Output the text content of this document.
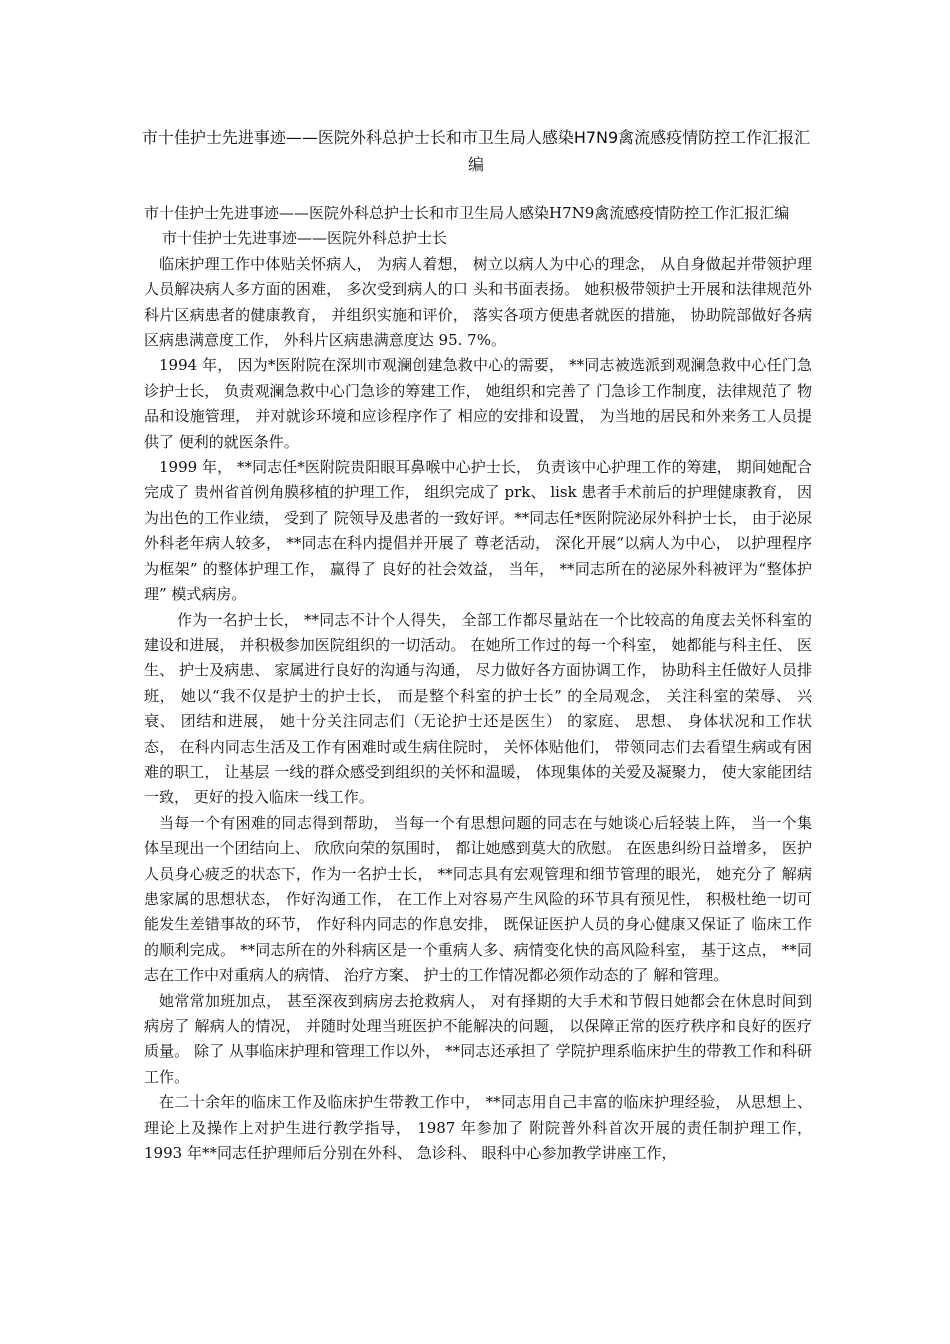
市十佳护士先进事迹——医院外科总护士长和市卫生局人感染H7N9禽流感疫情防控工作汇报汇编

市十佳护士先进事迹——医院外科总护士长和市卫生局人感染H7N9禽流感疫情防控工作汇报汇编

市十佳护士先进事迹——医院外科总护士长

临床护理工作中体贴关怀病人， 为病人着想， 树立以病人为中心的理念， 从自身做起并带领护理人员解决病人多方面的困难， 多次受到病人的口 头和书面表扬。 她积极带领护士开展和法律规范外科片区病患者的健康教育， 并组织实施和评价， 落实各项方便患者就医的措施， 协助院部做好各病区病患满意度工作， 外科片区病患满意度达 95. 7%。

1994 年， 因为*医附院在深圳市观澜创建急救中心的需要， **同志被选派到观澜急救中心任门急诊护士长， 负责观澜急救中心门急诊的筹建工作， 她组织和完善了 门急诊工作制度，法律规范了 物品和设施管理， 并对就诊环境和应诊程序作了 相应的安排和设置， 为当地的居民和外来务工人员提供了 便利的就医条件。

1999 年， **同志任*医附院贵阳眼耳鼻喉中心护士长， 负责该中心护理工作的筹建， 期间她配合完成了 贵州省首例角膜移植的护理工作， 组织完成了 prk、 lisk 患者手术前后的护理健康教育， 因为出色的工作业绩， 受到了 院领导及患者的一致好评。**同志任*医附院泌尿外科护士长， 由于泌尿外科老年病人较多， **同志在科内提倡并开展了 尊老活动， 深化开展“以病人为中心， 以护理程序为框架” 的整体护理工作， 赢得了 良好的社会效益， 当年， **同志所在的泌尿外科被评为“整体护理” 模式病房。

作为一名护士长， **同志不计个人得失， 全部工作都尽量站在一个比较高的角度去关怀科室的建设和进展， 并积极参加医院组织的一切活动。 在她所工作过的每一个科室， 她都能与科主任、 医生、 护士及病患、 家属进行良好的沟通与沟通， 尽力做好各方面协调工作， 协助科主任做好人员排班， 她以“我不仅是护士的护士长， 而是整个科室的护士长” 的全局观念， 关注科室的荣辱、 兴衰、 团结和进展， 她十分关注同志们（无论护士还是医生） 的家庭、 思想、 身体状况和工作状态， 在科内同志生活及工作有困难时或生病住院时， 关怀体贴他们， 带领同志们去看望生病或有困难的职工， 让基层 一线的群众感受到组织的关怀和温暖， 体现集体的关爱及凝聚力， 使大家能团结一致， 更好的投入临床一线工作。

当每一个有困难的同志得到帮助， 当每一个有思想问题的同志在与她谈心后轻装上阵， 当一个集体呈现出一个团结向上、 欣欣向荣的氛围时， 都让她感到莫大的欣慰。 在医患纠纷日益增多， 医护人员身心疲乏的状态下，作为一名护士长， **同志具有宏观管理和细节管理的眼光， 她充分了 解病患家属的思想状态， 作好沟通工作， 在工作上对容易产生风险的环节具有预见性， 积极杜绝一切可能发生差错事故的环节， 作好科内同志的作息安排， 既保证医护人员的身心健康又保证了 临床工作的顺利完成。 **同志所在的外科病区是一个重病人多、病情变化快的高风险科室， 基于这点， **同志在工作中对重病人的病情、 治疗方案、 护士的工作情况都必须作动态的了 解和管理。

她常常加班加点， 甚至深夜到病房去抢救病人， 对有择期的大手术和节假日她都会在休息时间到病房了 解病人的情况， 并随时处理当班医护不能解决的问题， 以保障正常的医疗秩序和良好的医疗质量。 除了 从事临床护理和管理工作以外， **同志还承担了 学院护理系临床护生的带教工作和科研工作。

在二十余年的临床工作及临床护生带教工作中， **同志用自己丰富的临床护理经验， 从思想上、 理论上及操作上对护生进行教学指导， 1987 年参加了 附院普外科首次开展的责任制护理工作， 1993 年**同志任护理师后分别在外科、 急诊科、 眼科中心参加教学讲座工作，
